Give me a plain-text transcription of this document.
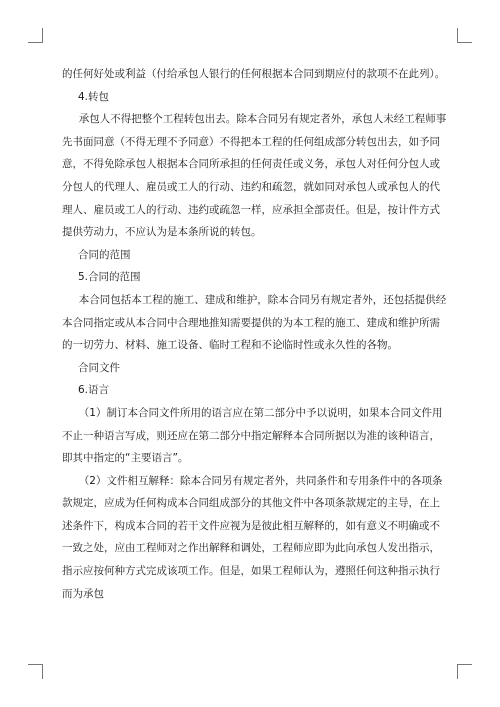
的任何好处或利益（付给承包人银行的任何根据本合同到期应付的款项不在此列）。

4.转包

承包人不得把整个工程转包出去。除本合同另有规定者外，承包人未经工程师事先书面同意（不得无理不予同意）不得把本工程的任何组成部分转包出去，如予同意，不得免除承包人根据本合同所承担的任何责任或义务，承包人对任何分包人或分包人的代理人、雇员或工人的行动、违约和疏忽，就如同对承包人或承包人的代理人、雇员或工人的行动、违约或疏忽一样，应承担全部责任。但是，按计件方式提供劳动力，不应认为是本条所说的转包。

合同的范围

5.合同的范围

本合同包括本工程的施工、建成和维护，除本合同另有规定者外，还包括提供经本合同指定或从本合同中合理地推知需要提供的为本工程的施工、建成和维护所需的一切劳力、材料、施工设备、临时工程和不论临时性或永久性的各物。

合同文件

6.语言

（1）制订本合同文件所用的语言应在第二部分中予以说明，如果本合同文件用不止一种语言写成，则还应在第二部分中指定解释本合同所据以为准的该种语言，即其中指定的“主要语言”。

（2）文件相互解释：除本合同另有规定者外，共同条件和专用条件中的各项条款规定，应成为任何构成本合同组成部分的其他文件中各项条款规定的主导，在上述条件下，构成本合同的若干文件应视为是彼此相互解释的，如有意义不明确或不一致之处，应由工程师对之作出解释和调处，工程师应即为此向承包人发出指示，指示应按何种方式完成该项工作。但是，如果工程师认为，遵照任何这种指示执行而为承包
